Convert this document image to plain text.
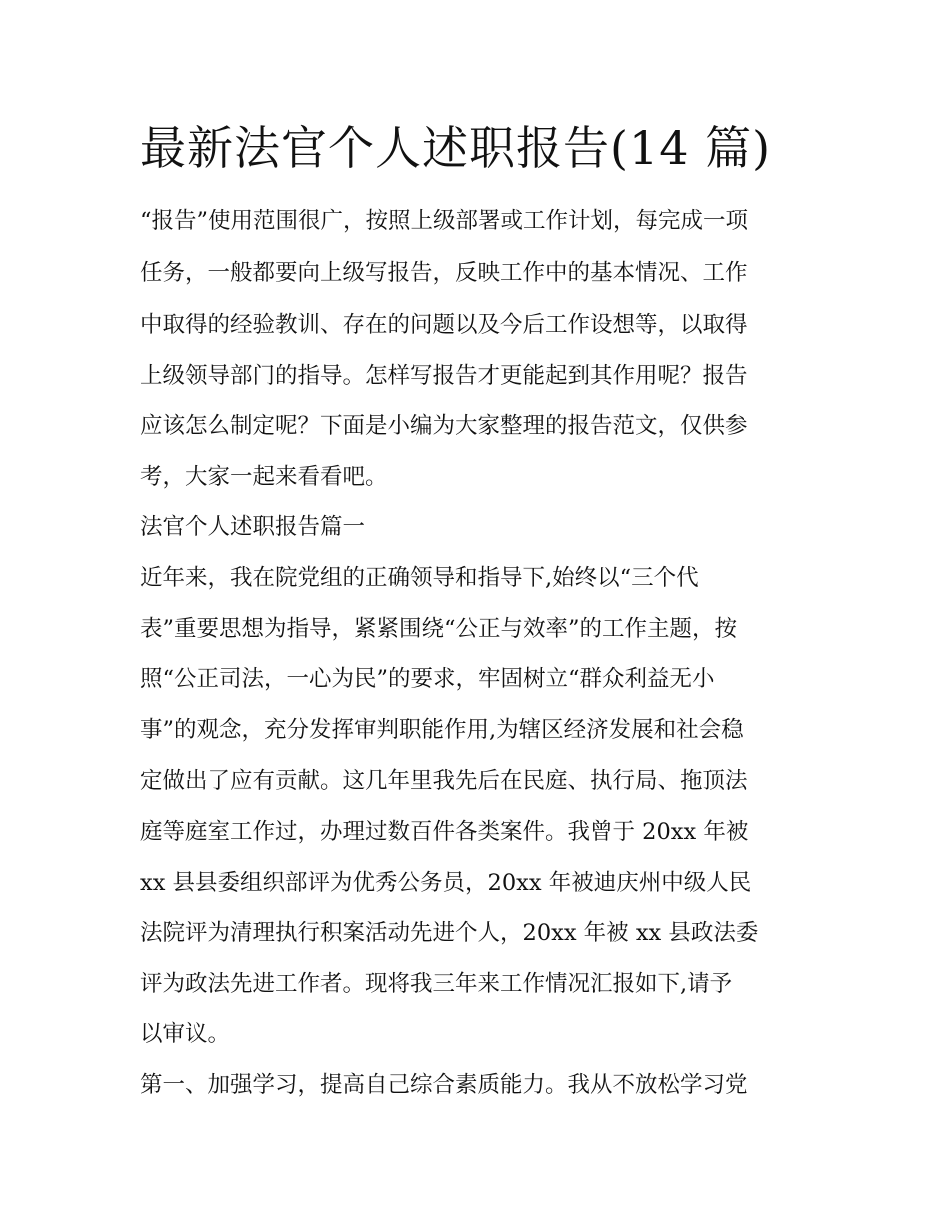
最新法官个人述职报告(14 篇)

“报告”使用范围很广，按照上级部署或工作计划，每完成一项

任务，一般都要向上级写报告，反映工作中的基本情况、工作

中取得的经验教训、存在的问题以及今后工作设想等，以取得

上级领导部门的指导。怎样写报告才更能起到其作用呢？报告

应该怎么制定呢？下面是小编为大家整理的报告范文，仅供参

考，大家一起来看看吧。

法官个人述职报告篇一

近年来，我在院党组的正确领导和指导下,始终以“三个代

表”重要思想为指导，紧紧围绕“公正与效率”的工作主题，按

照“公正司法，一心为民”的要求，牢固树立“群众利益无小

事”的观念，充分发挥审判职能作用,为辖区经济发展和社会稳

定做出了应有贡献。这几年里我先后在民庭、执行局、拖顶法

庭等庭室工作过，办理过数百件各类案件。我曾于 20xx 年被

xx 县县委组织部评为优秀公务员，20xx 年被迪庆州中级人民

法院评为清理执行积案活动先进个人，20xx 年被 xx 县政法委

评为政法先进工作者。现将我三年来工作情况汇报如下,请予

以审议。

第一、加强学习，提高自己综合素质能力。我从不放松学习党
